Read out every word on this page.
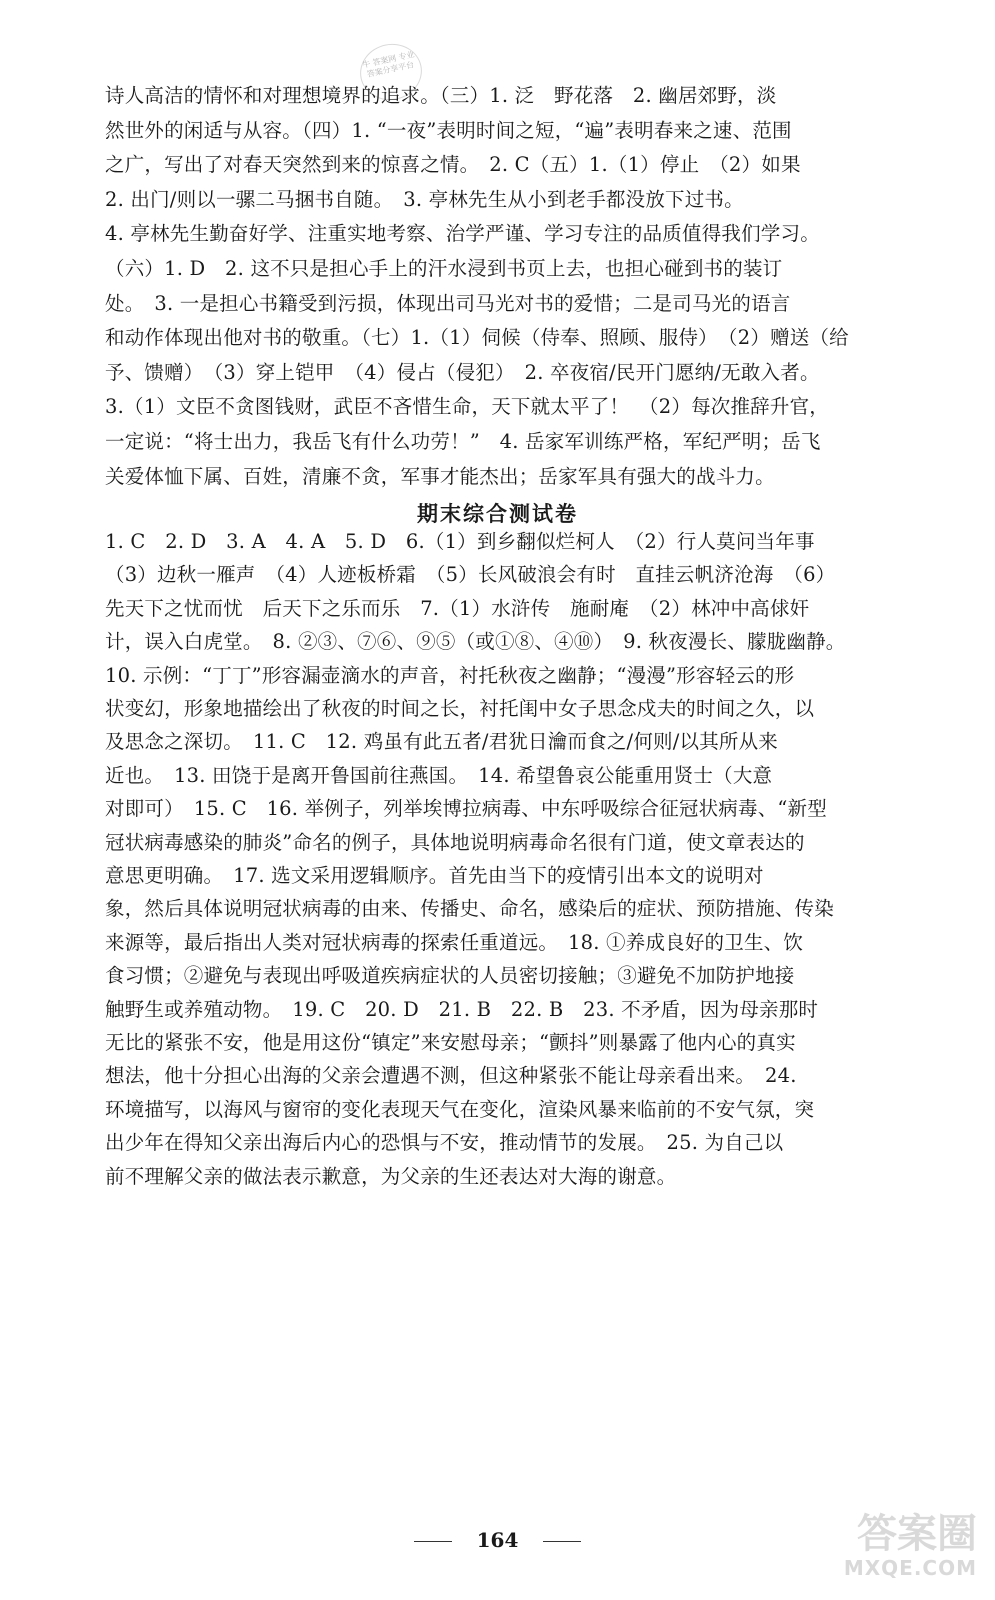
牛 答案网 专业答案分享平台
诗人高洁的情怀和对理想境界的追求。（三）1. 泛　野花落　2. 幽居郊野，淡
然世外的闲适与从容。（四）1. “一夜”表明时间之短，“遍”表明春来之速、范围
之广，写出了对春天突然到来的惊喜之情。　2. C（五）1.（1）停止　（2）如果
2. 出门/则以一骡二马捆书自随。　3. 亭林先生从小到老手都没放下过书。
4. 亭林先生勤奋好学、注重实地考察、治学严谨、学习专注的品质值得我们学习。
（六）1. D　2. 这不只是担心手上的汗水浸到书页上去，也担心碰到书的装订
处。　3. 一是担心书籍受到污损，体现出司马光对书的爱惜；二是司马光的语言
和动作体现出他对书的敬重。（七）1.（1）伺候（侍奉、照顾、服侍）　（2）赠送（给
予、馈赠）　（3）穿上铠甲　（4）侵占（侵犯）　2. 卒夜宿/民开门愿纳/无敢入者。
3.（1）文臣不贪图钱财，武臣不吝惜生命，天下就太平了！　（2）每次推辞升官，
一定说：“将士出力，我岳飞有什么功劳！”　4. 岳家军训练严格，军纪严明；岳飞
关爱体恤下属、百姓，清廉不贪，军事才能杰出；岳家军具有强大的战斗力。
期末综合测试卷
1. C　2. D　3. A　4. A　5. D　6.（1）到乡翻似烂柯人　（2）行人莫问当年事
（3）边秋一雁声　（4）人迹板桥霜　（5）长风破浪会有时　直挂云帆济沧海　（6）
先天下之忧而忧　后天下之乐而乐　7.（1）水浒传　施耐庵　（2）林冲中高俅奸
计，误入白虎堂。　8. ②③、⑦⑥、⑨⑤（或①⑧、④⑩）　9. 秋夜漫长、朦胧幽静。
10. 示例：“丁丁”形容漏壶滴水的声音，衬托秋夜之幽静；“漫漫”形容轻云的形
状变幻，形象地描绘出了秋夜的时间之长，衬托闺中女子思念戍夫的时间之久，以
及思念之深切。　11. C　12. 鸡虽有此五者/君犹日瀹而食之/何则/以其所从来
近也。　13. 田饶于是离开鲁国前往燕国。　14. 希望鲁哀公能重用贤士（大意
对即可）　15. C　16. 举例子，列举埃博拉病毒、中东呼吸综合征冠状病毒、“新型
冠状病毒感染的肺炎”命名的例子，具体地说明病毒命名很有门道，使文章表达的
意思更明确。　17. 选文采用逻辑顺序。首先由当下的疫情引出本文的说明对
象，然后具体说明冠状病毒的由来、传播史、命名，感染后的症状、预防措施、传染
来源等，最后指出人类对冠状病毒的探索任重道远。　18. ①养成良好的卫生、饮
食习惯；②避免与表现出呼吸道疾病症状的人员密切接触；③避免不加防护地接
触野生或养殖动物。　19. C　20. D　21. B　22. B　23. 不矛盾，因为母亲那时
无比的紧张不安，他是用这份“镇定”来安慰母亲；“颤抖”则暴露了他内心的真实
想法，他十分担心出海的父亲会遭遇不测，但这种紧张不能让母亲看出来。　24.
环境描写，以海风与窗帘的变化表现天气在变化，渲染风暴来临前的不安气氛，突
出少年在得知父亲出海后内心的恐惧与不安，推动情节的发展。　25. 为自己以
前不理解父亲的做法表示歉意，为父亲的生还表达对大海的谢意。
164	答案圈
MXQE.COM
